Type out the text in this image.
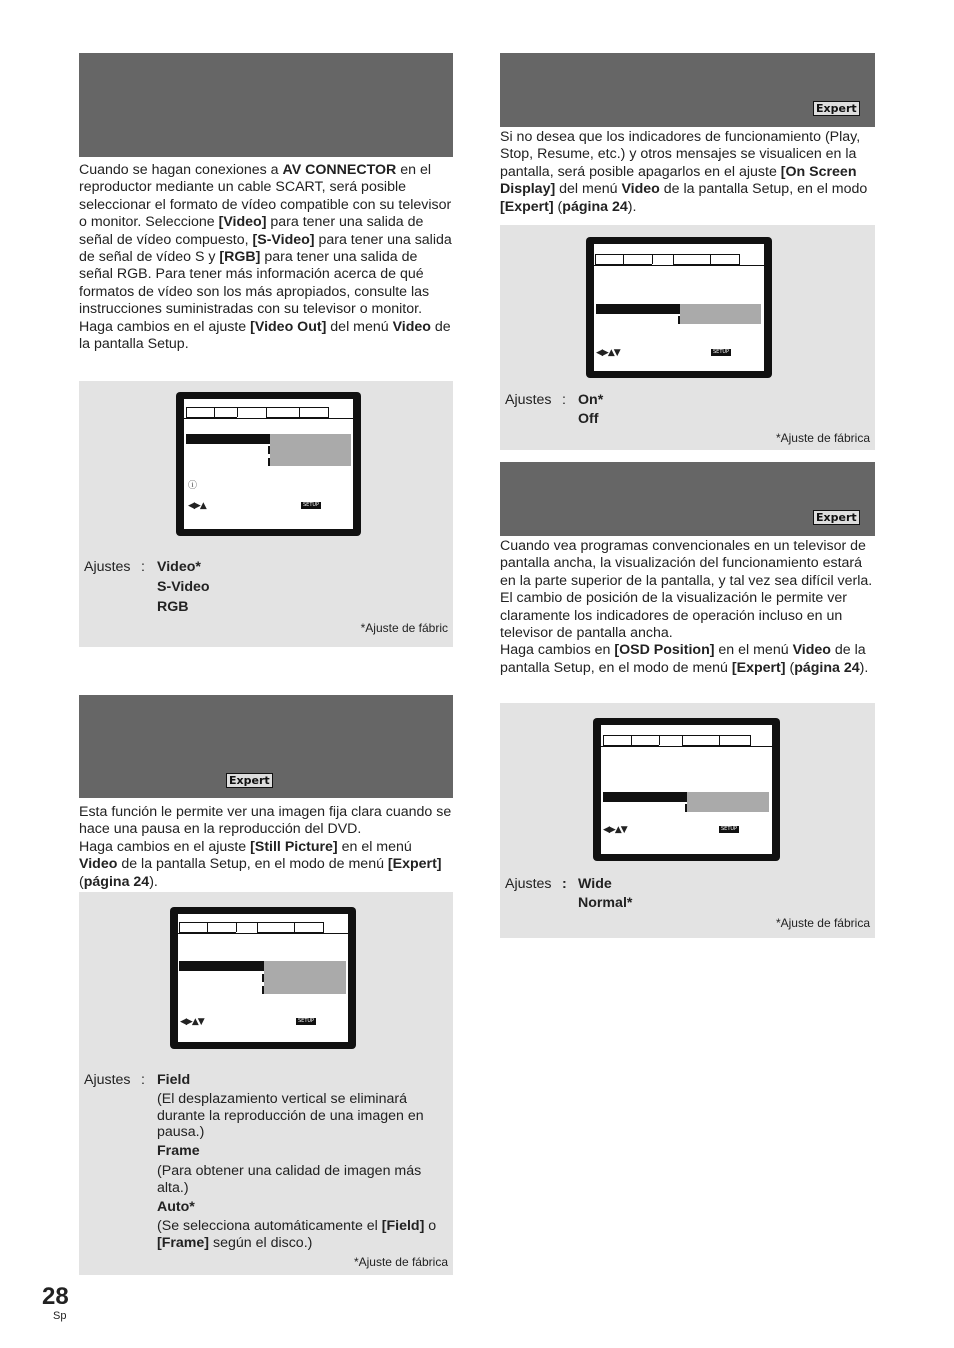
Cuando se hagan conexiones a AV CONNECTOR en el reproductor mediante un cable SCART, será posible seleccionar el formato de vídeo compatible con su televisor o monitor. Seleccione [Video] para tener una salida de señal de vídeo compuesto, [S-Video] para tener una salida de señal de vídeo S y [RGB] para tener una salida de señal RGB. Para tener más información acerca de qué formatos de vídeo son los más apropiados, consulte las instrucciones suministradas con su televisor o monitor.
Haga cambios en el ajuste [Video Out] del menú Video de la pantalla Setup.
ⓘ
◀▶▲	SETUP
Ajustes : Video*
S-Video
RGB
*Ajuste de fábric
Expert
Esta función le permite ver una imagen fija clara cuando se hace una pausa en la reproducción del DVD.
Haga cambios en el ajuste [Still Picture] en el menú Video de la pantalla Setup, en el modo de menú [Expert] (página 24).
◀▶▲▼	SETUP
Ajustes : Field
(El desplazamiento vertical se eliminará durante la reproducción de una imagen en pausa.)
Frame
(Para obtener una calidad de imagen más alta.)
Auto*
(Se selecciona automáticamente el [Field] o [Frame] según el disco.)
*Ajuste de fábrica
Expert
Si no desea que los indicadores de funcionamiento (Play, Stop, Resume, etc.) y otros mensajes se visualicen en la pantalla, será posible apagarlos en el ajuste [On Screen Display] del menú Video de la pantalla Setup, en el modo [Expert] (página 24).
◀▶▲▼	SETUP
Ajustes : On*
Off
*Ajuste de fábrica
Expert
Cuando vea programas convencionales en un televisor de pantalla ancha, la visualización del funcionamiento estará en la parte superior de la pantalla, y tal vez sea difícil verla. El cambio de posición de la visualización le permite ver claramente los indicadores de operación incluso en un televisor de pantalla ancha.
Haga cambios en [OSD Position] en el menú Video de la pantalla Setup, en el modo de menú [Expert] (página 24).
◀▶▲▼	SETUP
Ajustes : Wide
Normal*
*Ajuste de fábrica
28
Sp
